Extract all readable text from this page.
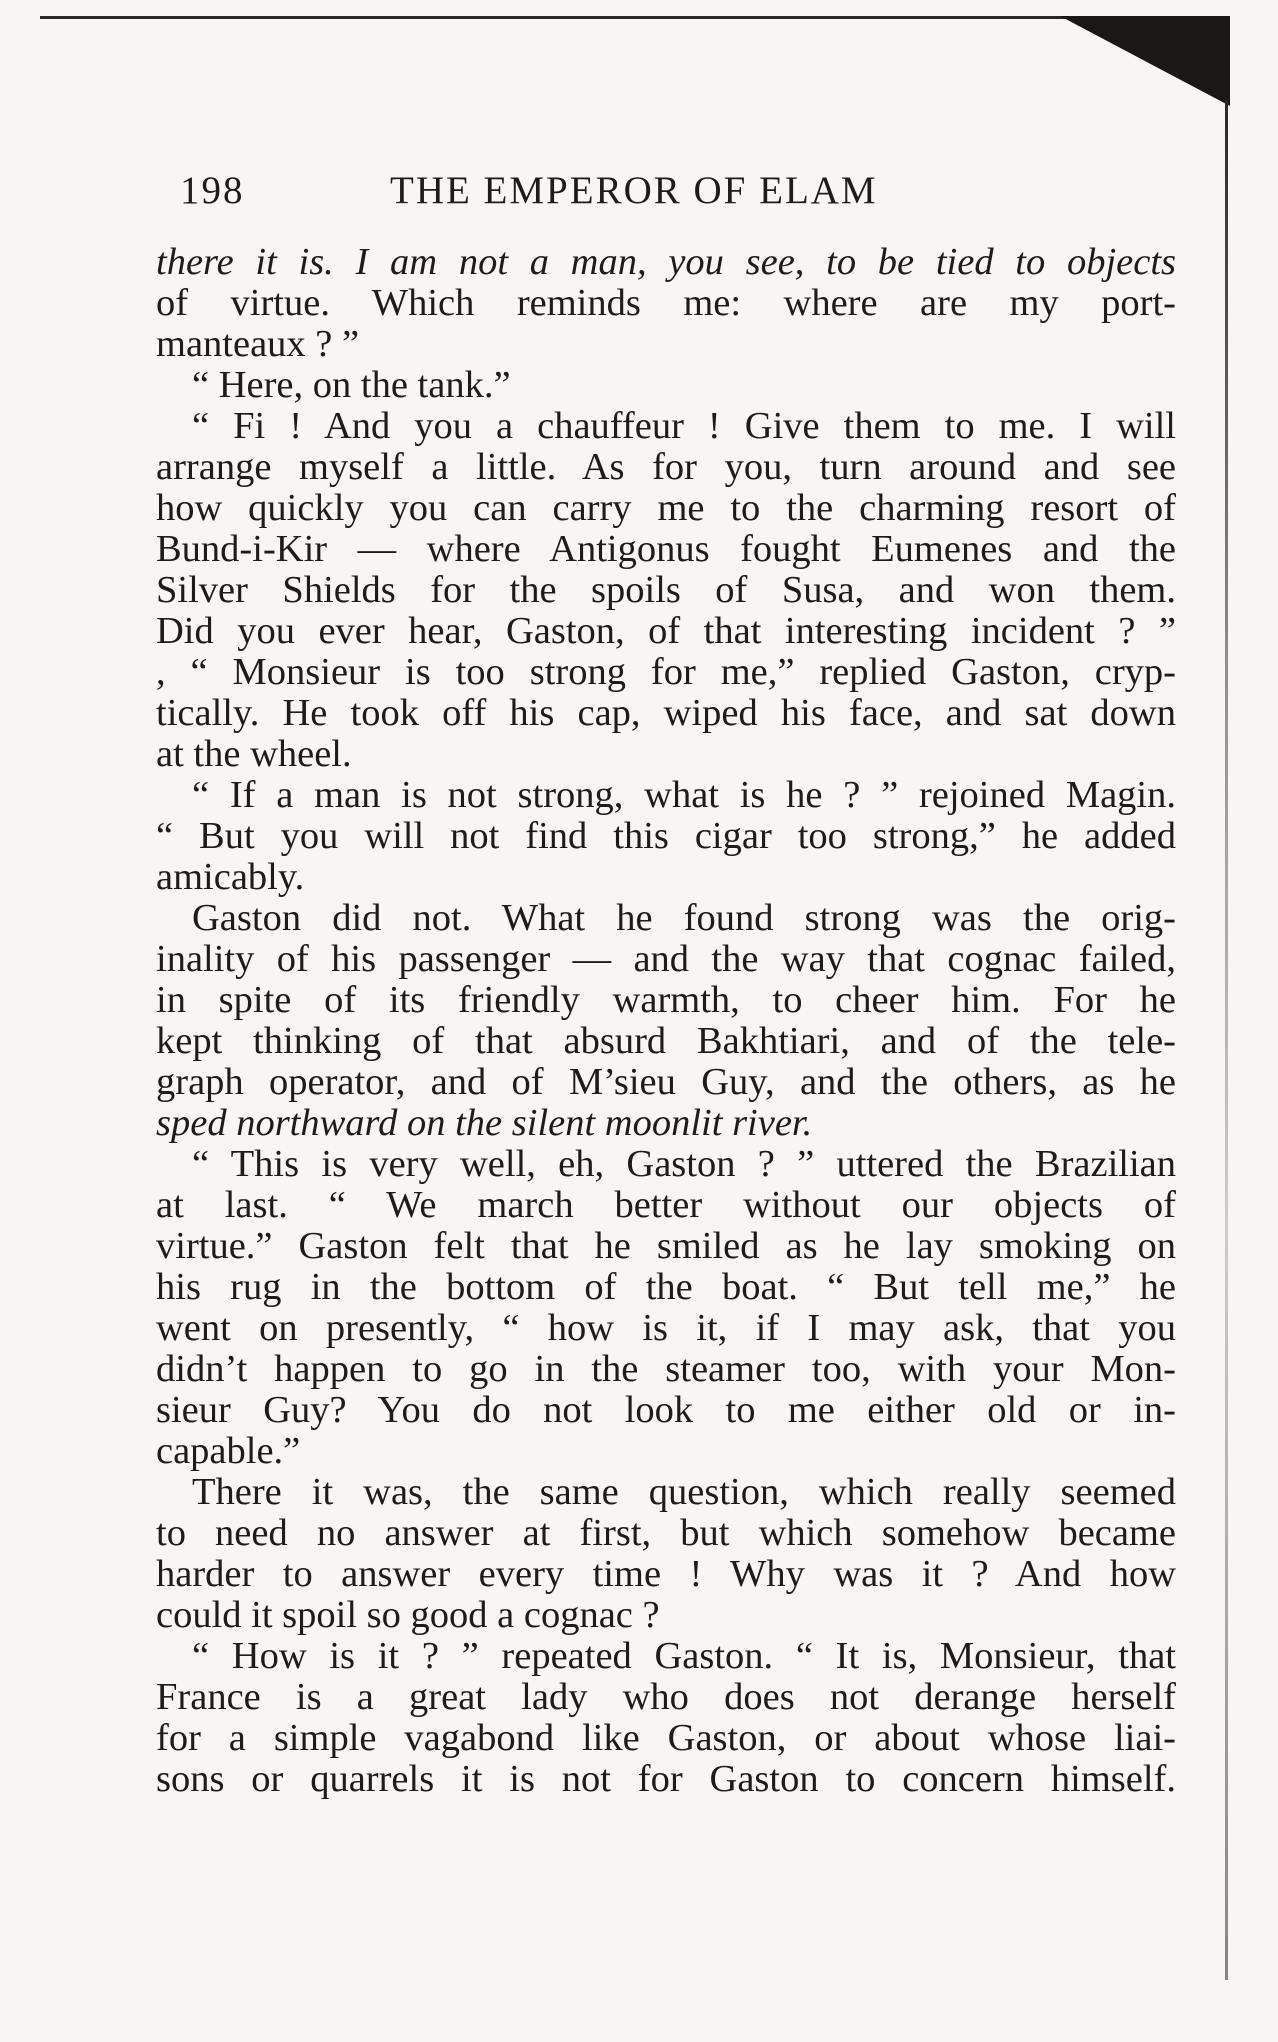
198	THE EMPEROR OF ELAM
there it is. I am not a man, you see, to be tied to objects
of virtue. Which reminds me: where are my port-
manteaux ? ”
“ Here, on the tank.”
“ Fi ! And you a chauffeur ! Give them to me. I will
arrange myself a little. As for you, turn around and see
how quickly you can carry me to the charming resort of
Bund-i-Kir — where Antigonus fought Eumenes and the
Silver Shields for the spoils of Susa, and won them.
Did you ever hear, Gaston, of that interesting incident ? ”
, “ Monsieur is too strong for me,” replied Gaston, cryp-
tically. He took off his cap, wiped his face, and sat down
at the wheel.
“ If a man is not strong, what is he ? ” rejoined Magin.
“ But you will not find this cigar too strong,” he added
amicably.
Gaston did not. What he found strong was the orig-
inality of his passenger — and the way that cognac failed,
in spite of its friendly warmth, to cheer him. For he
kept thinking of that absurd Bakhtiari, and of the tele-
graph operator, and of M’sieu Guy, and the others, as he
sped northward on the silent moonlit river.
“ This is very well, eh, Gaston ? ” uttered the Brazilian
at last. “ We march better without our objects of
virtue.” Gaston felt that he smiled as he lay smoking on
his rug in the bottom of the boat. “ But tell me,” he
went on presently, “ how is it, if I may ask, that you
didn’t happen to go in the steamer too, with your Mon-
sieur Guy? You do not look to me either old or in-
capable.”
There it was, the same question, which really seemed
to need no answer at first, but which somehow became
harder to answer every time ! Why was it ? And how
could it spoil so good a cognac ?
“ How is it ? ” repeated Gaston. “ It is, Monsieur, that
France is a great lady who does not derange herself
for a simple vagabond like Gaston, or about whose liai-
sons or quarrels it is not for Gaston to concern himself.
